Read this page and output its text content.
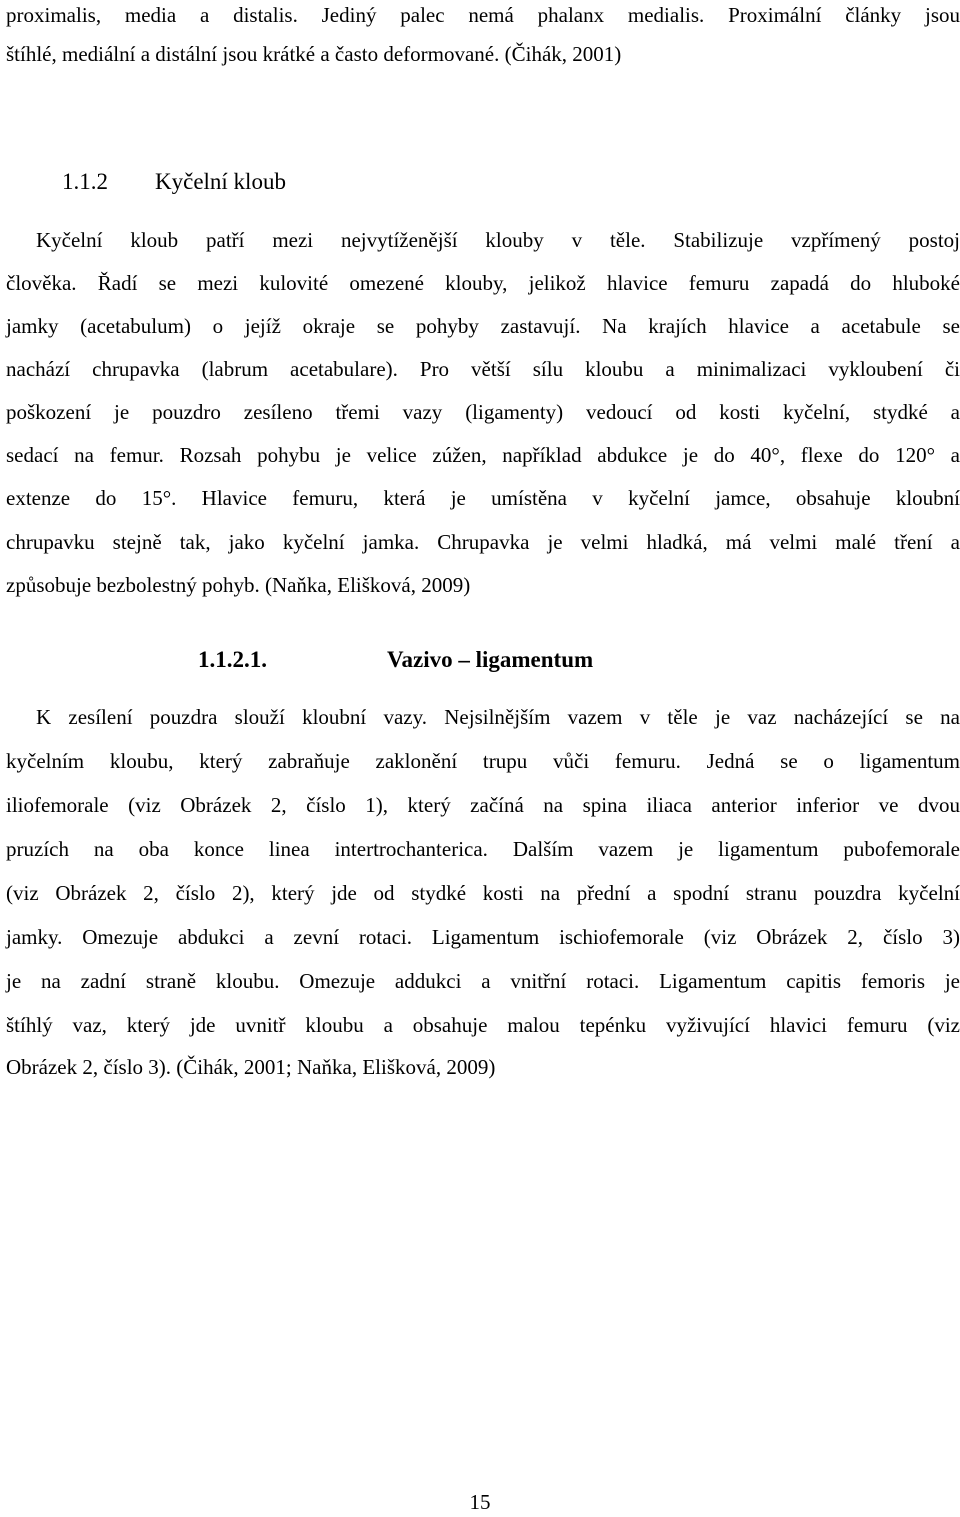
proximalis, media a distalis. Jediný palec nemá phalanx medialis. Proximální články jsou
štíhlé, mediální a distální jsou krátké a často deformované. (Čihák, 2001)
1.1.2 Kyčelní kloub
Kyčelní kloub patří mezi nejvytíženější klouby v těle. Stabilizuje vzpřímený postoj
člověka. Řadí se mezi kulovité omezené klouby, jelikož hlavice femuru zapadá do hluboké
jamky (acetabulum) o jejíž okraje se pohyby zastavují. Na krajích hlavice a acetabule se
nachází chrupavka (labrum acetabulare). Pro větší sílu kloubu a minimalizaci vykloubení či
poškození je pouzdro zesíleno třemi vazy (ligamenty) vedoucí od kosti kyčelní, stydké a
sedací na femur. Rozsah pohybu je velice zúžen, například abdukce je do 40°, flexe do 120° a
extenze do 15°. Hlavice femuru, která je umístěna v kyčelní jamce, obsahuje kloubní
chrupavku stejně tak, jako kyčelní jamka. Chrupavka je velmi hladká, má velmi malé tření a
způsobuje bezbolestný pohyb. (Naňka, Elišková, 2009)
1.1.2.1.	Vazivo – ligamentum
K zesílení pouzdra slouží kloubní vazy. Nejsilnějším vazem v těle je vaz nacházející se na
kyčelním kloubu, který zabraňuje zaklonění trupu vůči femuru. Jedná se o ligamentum
iliofemorale (viz Obrázek 2, číslo 1), který začíná na spina iliaca anterior inferior ve dvou
pruzích na oba konce linea intertrochanterica. Dalším vazem je ligamentum pubofemorale
(viz Obrázek 2, číslo 2), který jde od stydké kosti na přední a spodní stranu pouzdra kyčelní
jamky. Omezuje abdukci a zevní rotaci. Ligamentum ischiofemorale (viz Obrázek 2, číslo 3)
je na zadní straně kloubu. Omezuje addukci a vnitřní rotaci. Ligamentum capitis femoris je
štíhlý vaz, který jde uvnitř kloubu a obsahuje malou tepénku vyživující hlavici femuru (viz
Obrázek 2, číslo 3). (Čihák, 2001; Naňka, Elišková, 2009)
15
